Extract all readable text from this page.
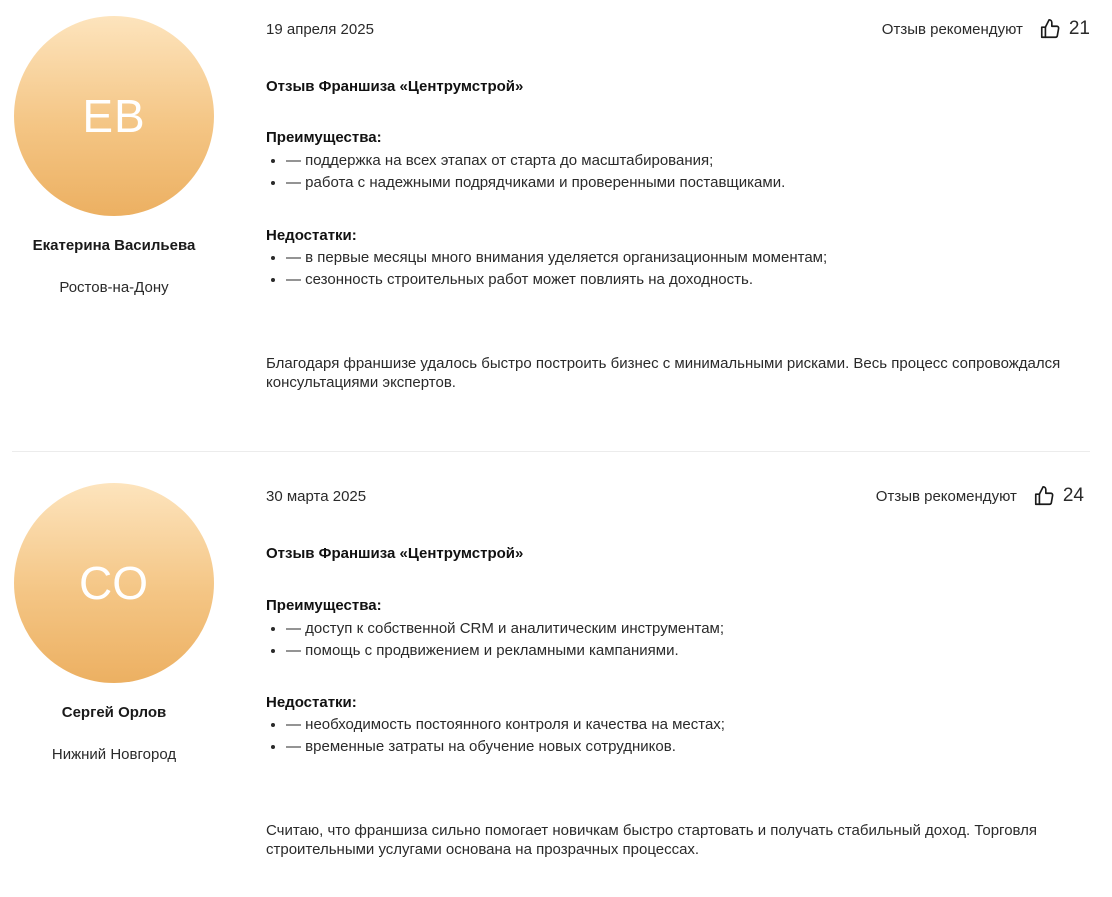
ЕВ
Екатерина Васильева
Ростов-на-Дону
19 апреля 2025	Отзыв рекомендуют 21
Отзыв Франшиза «Центрумстрой»
Преимущества:
• — поддержка на всех этапах от старта до масштабирования;
• — работа с надежными подрядчиками и проверенными поставщиками.
Недостатки:
• — в первые месяцы много внимания уделяется организационным моментам;
• — сезонность строительных работ может повлиять на доходность.
Благодаря франшизе удалось быстро построить бизнес с минимальными рисками. Весь процесс сопровождался консультациями экспертов.
СО
Сергей Орлов
Нижний Новгород
30 марта 2025	Отзыв рекомендуют 24
Отзыв Франшиза «Центрумстрой»
Преимущества:
• — доступ к собственной CRM и аналитическим инструментам;
• — помощь с продвижением и рекламными кампаниями.
Недостатки:
• — необходимость постоянного контроля и качества на местах;
• — временные затраты на обучение новых сотрудников.
Считаю, что франшиза сильно помогает новичкам быстро стартовать и получать стабильный доход. Торговля строительными услугами основана на прозрачных процессах.
